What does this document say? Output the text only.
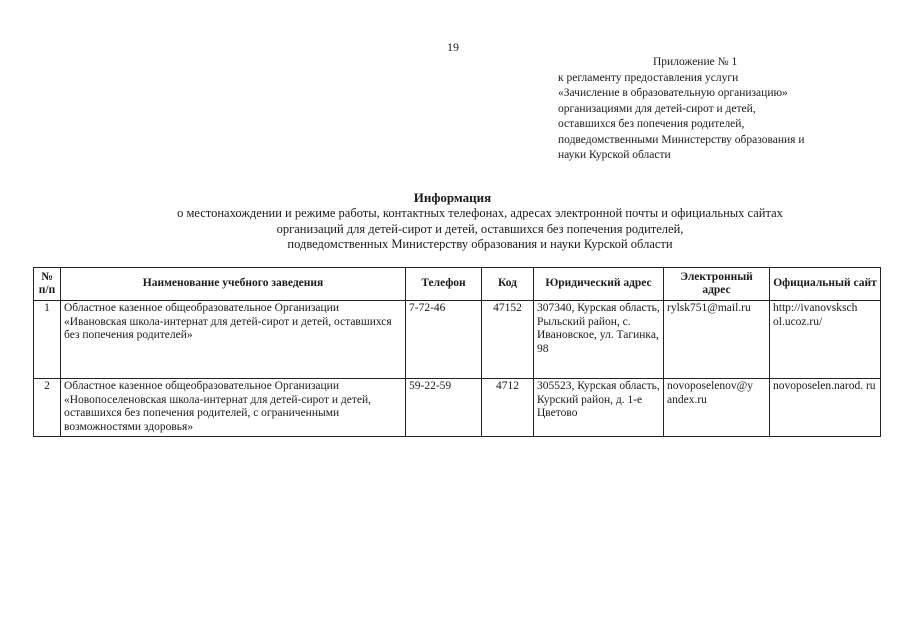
19
Приложение № 1
к регламенту предоставления услуги
«Зачисление в образовательную организацию»
организациями для детей-сирот и детей,
оставшихся без попечения родителей,
подведомственными Министерству образования и
науки Курской области
Информация
о местонахождении и режиме работы, контактных телефонах, адресах электронной почты и официальных сайтах
организаций для детей-сирот и детей, оставшихся без попечения родителей,
подведомственных Министерству образования и науки Курской области
№ п/п	Наименование учебного заведения	Телефон	Код	Юридический адрес	Электронный адрес	Официальный сайт
1	Областное казенное общеобразовательное Организации «Ивановская школа-интернат для детей-сирот и детей, оставшихся без попечения родителей»	7-72-46	47152	307340, Курская область, Рыльский район, с. Ивановское, ул. Тагинка, 98	rylsk751@mail.ru	http://ivanovsksch ol.ucoz.ru/
2	Областное казенное общеобразовательное Организации «Новопоселеновская школа-интернат для детей-сирот и детей, оставшихся без попечения родителей, с ограниченными возможностями здоровья»	59-22-59	4712	305523, Курская область, Курский район, д. 1-е Цветово	novoposelenov@y andex.ru	novoposelen.narod. ru
